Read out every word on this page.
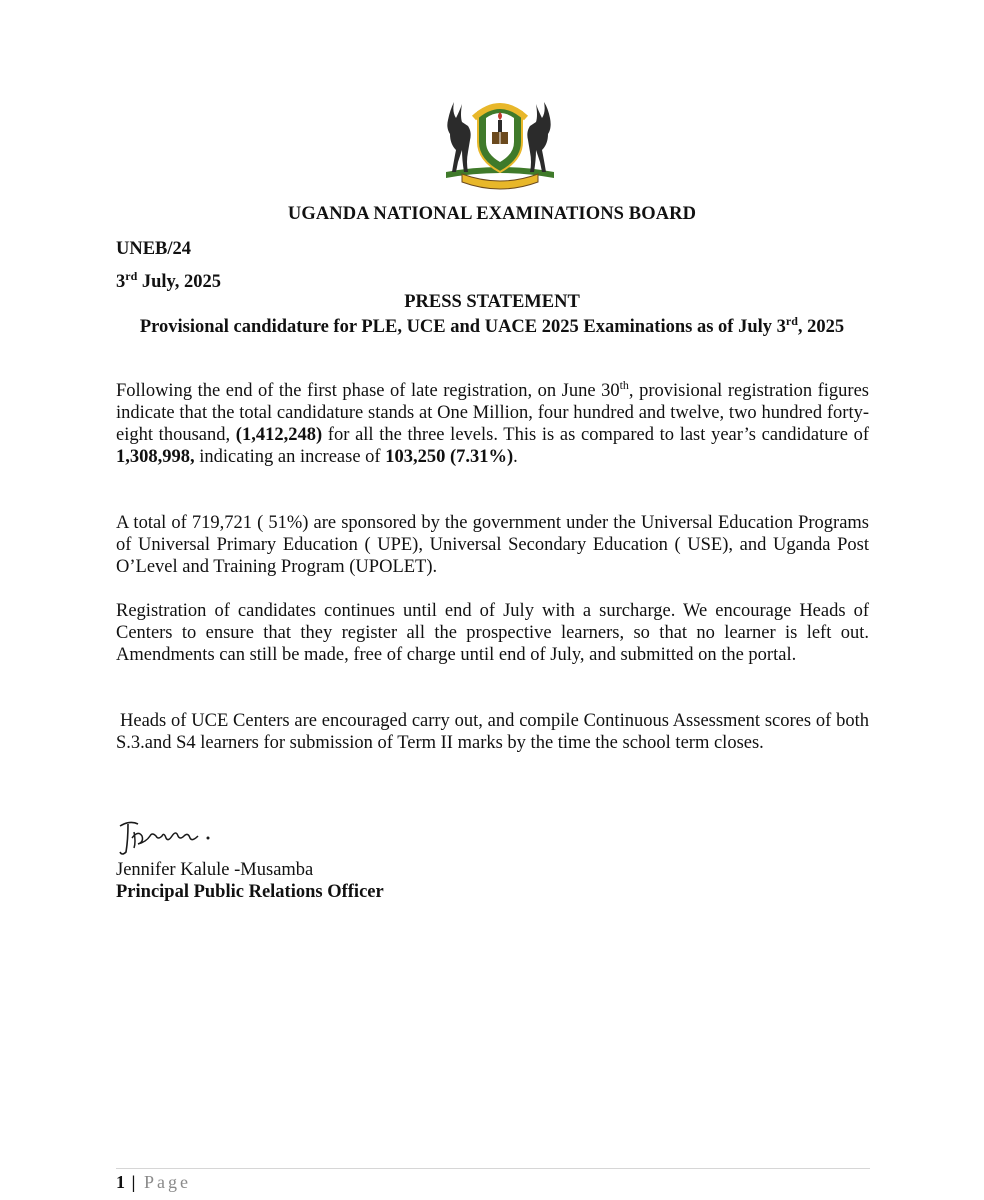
UGANDA NATIONAL EXAMINATIONS BOARD
UNEB/24
3rd July, 2025
PRESS STATEMENT
Provisional candidature for PLE, UCE and UACE 2025 Examinations as of July 3rd, 2025

Following the end of the first phase of late registration, on June 30th, provisional registration figures indicate that the total candidature stands at One Million, four hundred and twelve, two hundred forty-eight thousand, (1,412,248) for all the three levels. This is as compared to last year’s candidature of 1,308,998, indicating an increase of 103,250 (7.31%).

A total of 719,721 ( 51%) are sponsored by the government under the Universal Education Programs of Universal Primary Education ( UPE), Universal Secondary Education ( USE), and Uganda Post O’Level and Training Program (UPOLET).

Registration of candidates continues until end of July with a surcharge. We encourage Heads of Centers to ensure that they register all the prospective learners, so that no learner is left out. Amendments can still be made, free of charge until end of July, and submitted on the portal.

Heads of UCE Centers are encouraged carry out, and compile Continuous Assessment scores of both S.3.and S4 learners for submission of Term II marks by the time the school term closes.

Jennifer Kalule -Musamba
Principal Public Relations Officer
1 | Page
